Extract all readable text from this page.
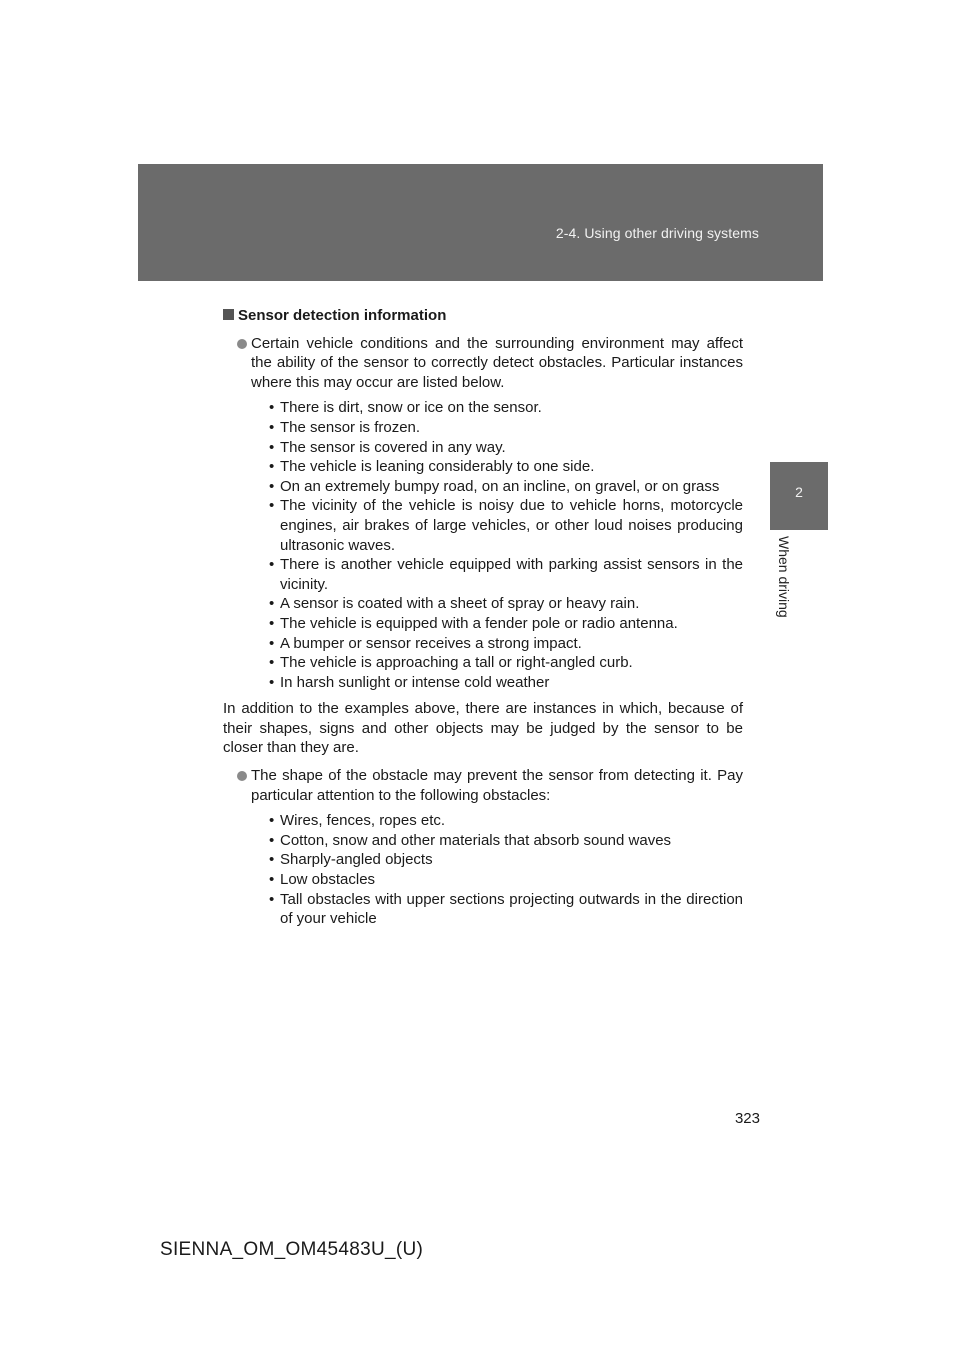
2-4. Using other driving systems
2
When driving
Sensor detection information
Certain vehicle conditions and the surrounding environment may affect the ability of the sensor to correctly detect obstacles. Particular instances where this may occur are listed below.
• There is dirt, snow or ice on the sensor.
• The sensor is frozen.
• The sensor is covered in any way.
• The vehicle is leaning considerably to one side.
• On an extremely bumpy road, on an incline, on gravel, or on grass
• The vicinity of the vehicle is noisy due to vehicle horns, motorcycle engines, air brakes of large vehicles, or other loud noises producing ultrasonic waves.
• There is another vehicle equipped with parking assist sensors in the vicinity.
• A sensor is coated with a sheet of spray or heavy rain.
• The vehicle is equipped with a fender pole or radio antenna.
• A bumper or sensor receives a strong impact.
• The vehicle is approaching a tall or right-angled curb.
• In harsh sunlight or intense cold weather
In addition to the examples above, there are instances in which, because of their shapes, signs and other objects may be judged by the sensor to be closer than they are.
The shape of the obstacle may prevent the sensor from detecting it. Pay particular attention to the following obstacles:
• Wires, fences, ropes etc.
• Cotton, snow and other materials that absorb sound waves
• Sharply-angled objects
• Low obstacles
• Tall obstacles with upper sections projecting outwards in the direction of your vehicle
323
SIENNA_OM_OM45483U_(U)
